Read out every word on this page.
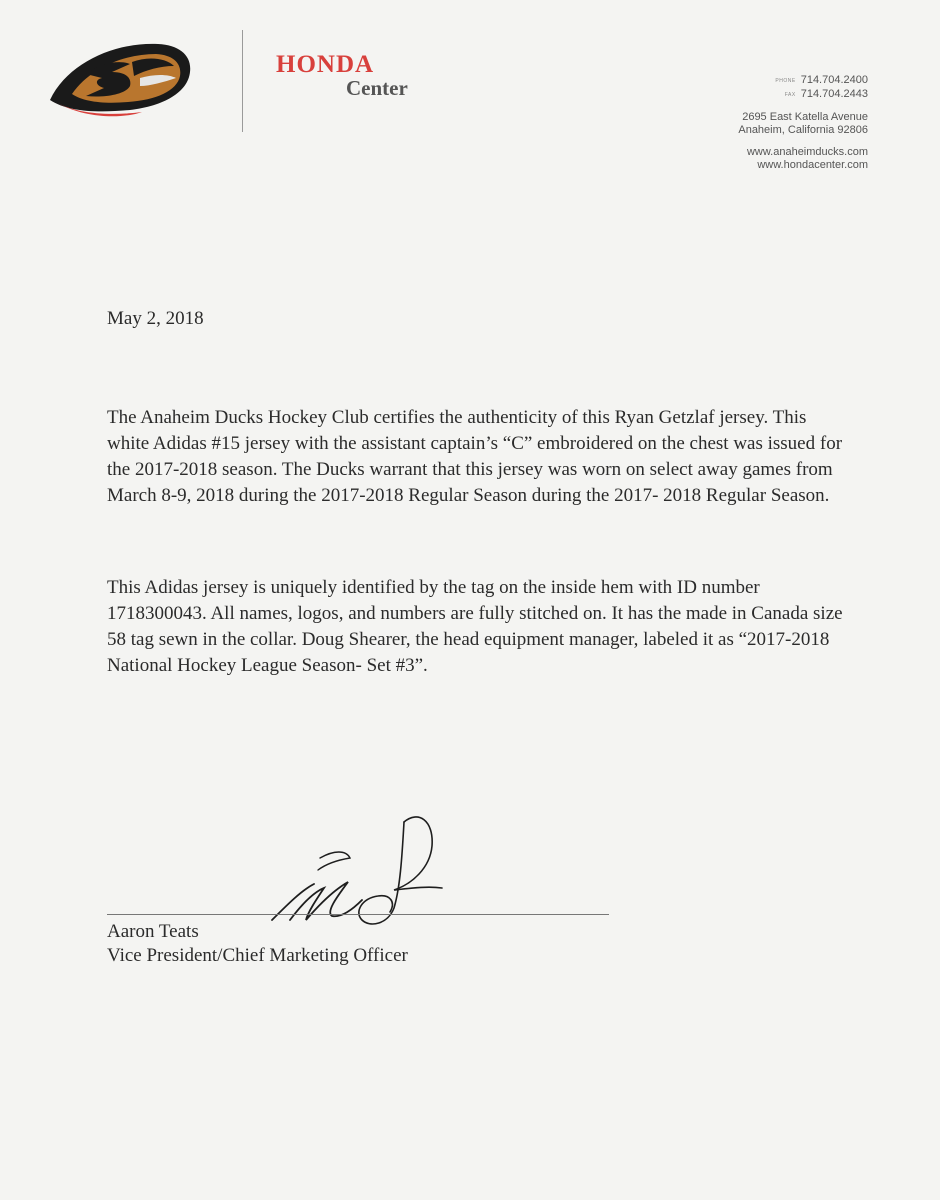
HONDA
Center	PHONE 714.704.2400
FAX 714.704.2443
2695 East Katella Avenue
Anaheim, California 92806
www.anaheimducks.com
www.hondacenter.com
May 2, 2018

The Anaheim Ducks Hockey Club certifies the authenticity of this Ryan Getzlaf jersey. This white Adidas #15 jersey with the assistant captain’s “C” embroidered on the chest was issued for the 2017-2018 season. The Ducks warrant that this jersey was worn on select away games from March 8-9, 2018 during the 2017-2018 Regular Season during the 2017- 2018 Regular Season.

This Adidas jersey is uniquely identified by the tag on the inside hem with ID number 1718300043. All names, logos, and numbers are fully stitched on. It has the made in Canada size 58 tag sewn in the collar. Doug Shearer, the head equipment manager, labeled it as “2017-2018 National Hockey League Season- Set #3”.

Aaron Teats
Vice President/Chief Marketing Officer
